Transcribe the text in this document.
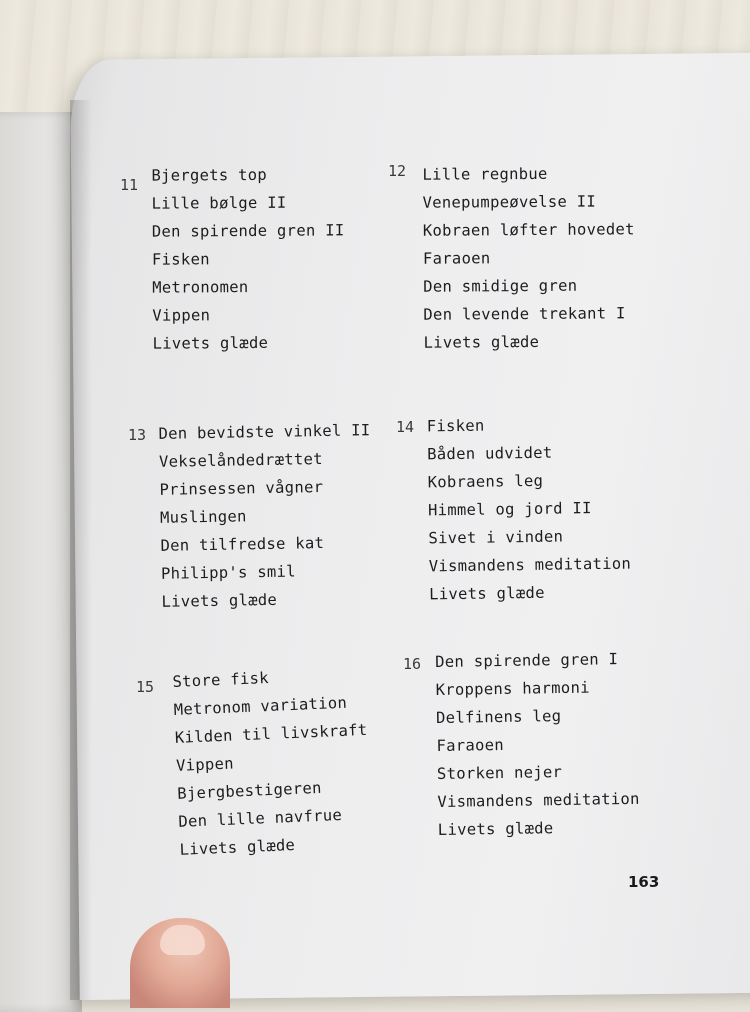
11
Bjergets top
Lille bølge II
Den spirende gren II
Fisken
Metronomen
Vippen
Livets glæde
12 Lille regnbue
Venepumpeøvelse II
Kobraen løfter hovedet
Faraoen
Den smidige gren
Den levende trekant I
Livets glæde
13 Den bevidste vinkel II
Vekselåndedrættet
Prinsessen vågner
Muslingen
Den tilfredse kat
Philipp's smil
Livets glæde
14 Fisken
Båden udvidet
Kobraens leg
Himmel og jord II
Sivet i vinden
Vismandens meditation
Livets glæde
15 Store fisk
Metronom variation
Kilden til livskraft
Vippen
Bjergbestigeren
Den lille navfrue
Livets glæde
16 Den spirende gren I
Kroppens harmoni
Delfinens leg
Faraoen
Storken nejer
Vismandens meditation
Livets glæde
163
